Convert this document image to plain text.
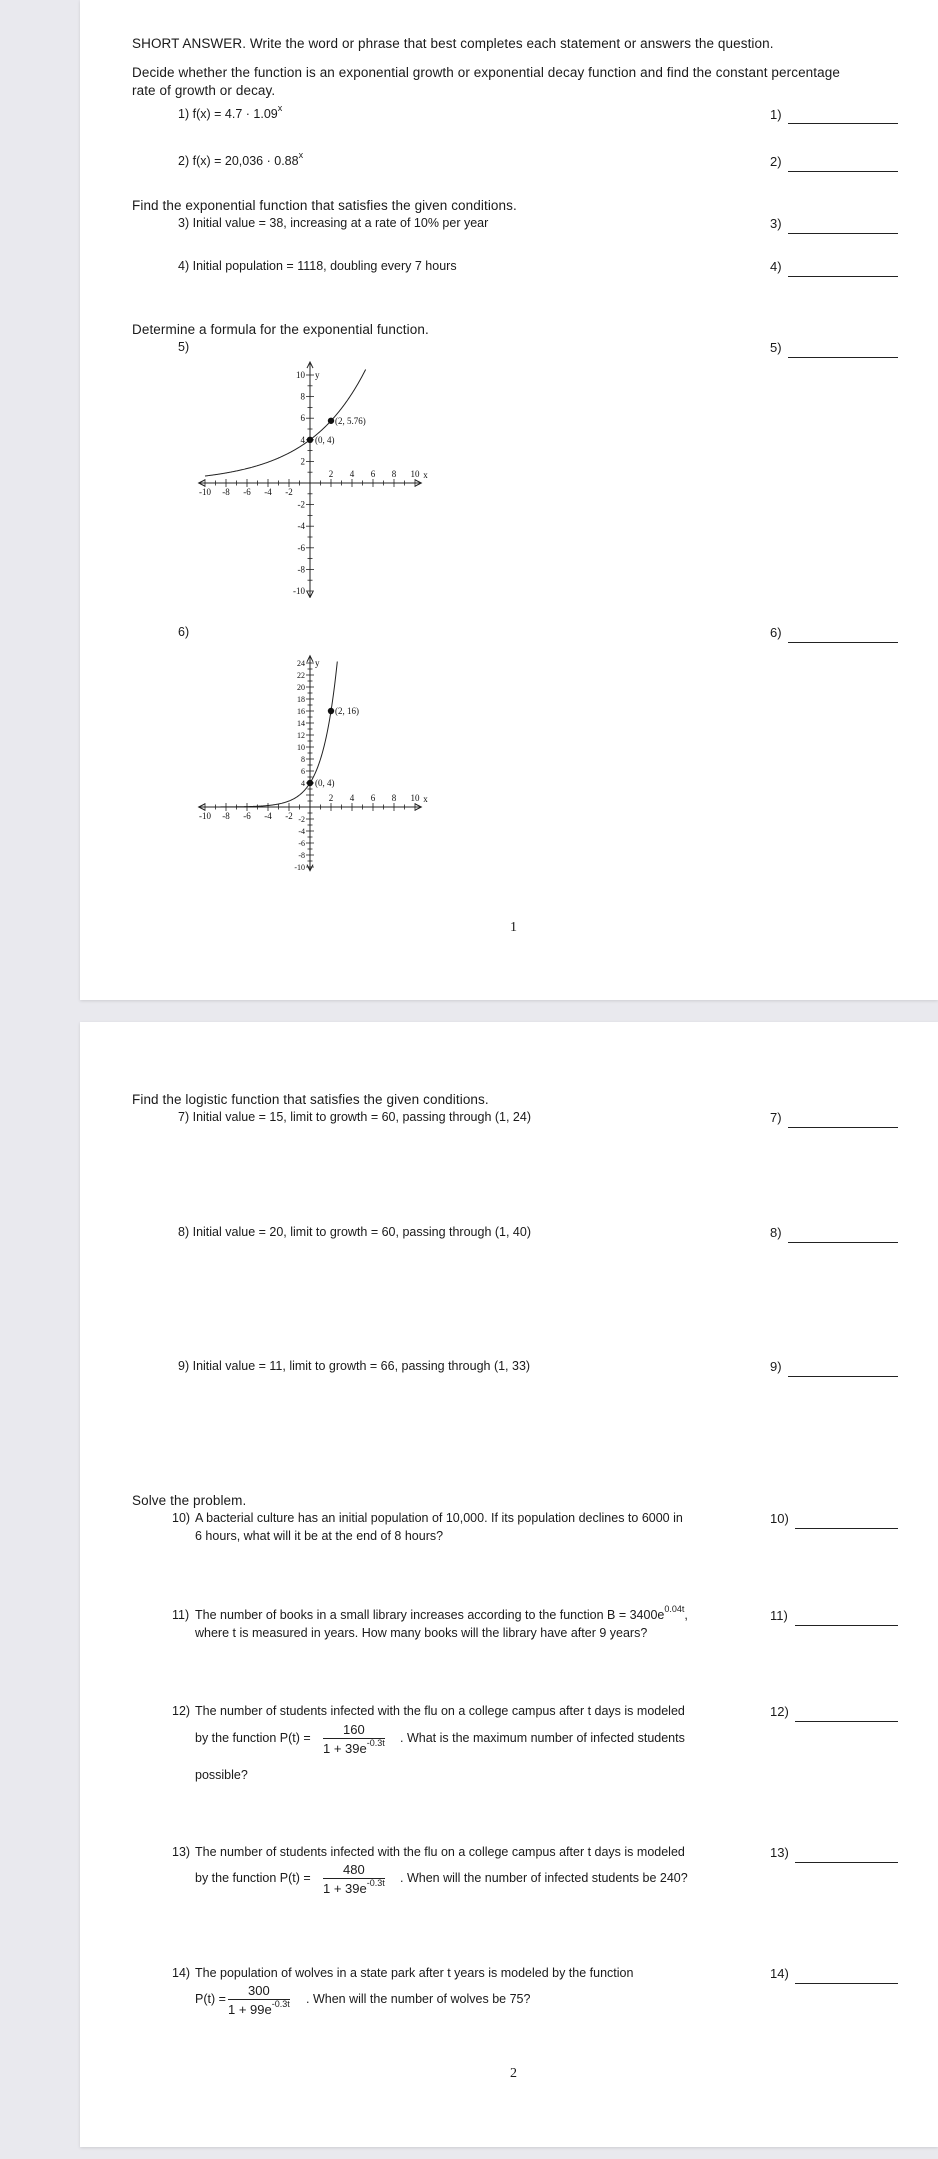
SHORT ANSWER. Write the word or phrase that best completes each statement or answers the question.
Decide whether the function is an exponential growth or exponential decay function and find the constant percentage
rate of growth or decay.
1) $f(x) = 4.7 \cdot 1.09^x$	1)
2) $f(x) = 20,036 \cdot 0.88^x$	2)
Find the exponential function that satisfies the given conditions.
3) Initial value = 38, increasing at a rate of 10% per year	3)
4) Initial population = 1118, doubling every 7 hours	4)
Determine a formula for the exponential function.
5)	5)
-10 -8 -6 -4 -2
2 4 6 8 10 x
10
8
6
4
2
-2
-4
-6
-8
-10
y
(0, 4)
(2, 5.76)
6)	6)
-10 -8 -6 -4 -2
2 4 6 8 10 x
24
22
20
18
16
14
12
10
8
6
4
-2
-4
-6
-8
-10
y
(0, 4)
(2, 16)
1
Find the logistic function that satisfies the given conditions.
7) Initial value = 15, limit to growth = 60, passing through (1, 24)	7)
8) Initial value = 20, limit to growth = 60, passing through (1, 40)	8)
9) Initial value = 11, limit to growth = 66, passing through (1, 33)	9)
Solve the problem.
10) A bacterial culture has an initial population of 10,000. If its population declines to 6000 in
6 hours, what will it be at the end of 8 hours?
10)
11) The number of books in a small library increases according to the function $B = 3400e^{0.04t}$,
where t is measured in years. How many books will the library have after 9 years?
11)
12) The number of students infected with the flu on a college campus after t days is modeled
by the function $P(t) = \frac{160}{1 + 39e^{-0.3t}}$ . What is the maximum number of infected students
possible?
12)
13) The number of students infected with the flu on a college campus after t days is modeled
by the function $P(t) = \frac{480}{1 + 39e^{-0.3t}}$ . When will the number of infected students be 240?
13)
14) The population of wolves in a state park after t years is modeled by the function
$P(t) = \frac{300}{1 + 99e^{-0.3t}}$ . When will the number of wolves be 75?
14)
2
